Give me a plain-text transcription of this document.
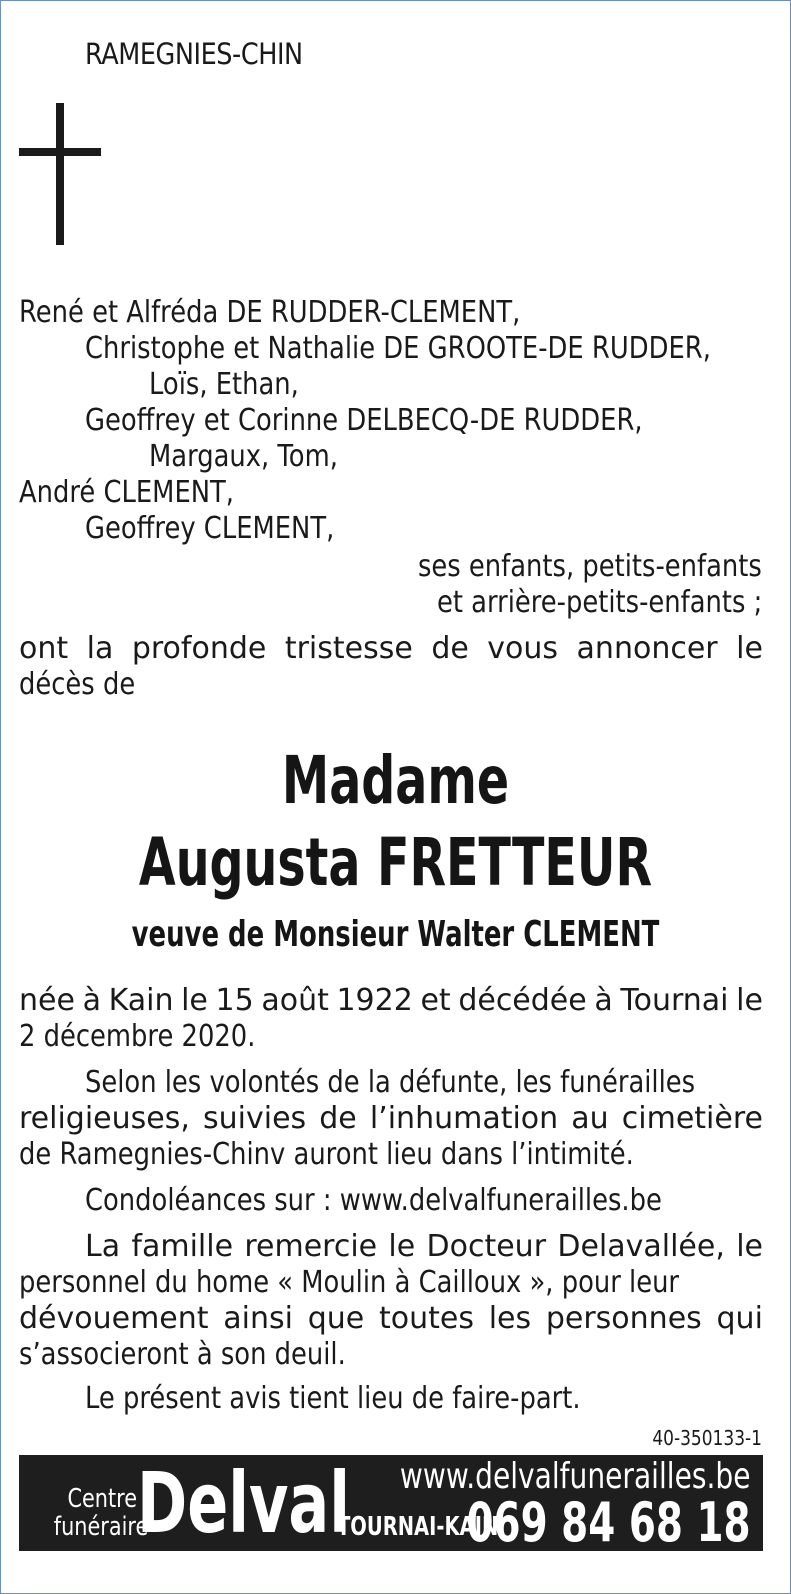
RAMEGNIES-CHIN
René et Alfréda DE RUDDER-CLEMENT,
Christophe et Nathalie DE GROOTE-DE RUDDER,
Loïs, Ethan,
Geoffrey et Corinne DELBECQ-DE RUDDER,
Margaux, Tom,
André CLEMENT,
Geoffrey CLEMENT,
ses enfants, petits-enfants
et arrière-petits-enfants ;
ont la profonde tristesse de vous annoncer le
décès de
Madame
Augusta FRETTEUR
veuve de Monsieur Walter CLEMENT
née à Kain le 15 août 1922 et décédée à Tournai le
2 décembre 2020.
Selon les volontés de la défunte, les funérailles
religieuses, suivies de l’inhumation au cimetière
de Ramegnies-Chinv auront lieu dans l’intimité.
Condoléances sur : www.delvalfunerailles.be
La famille remercie le Docteur Delavallée, le
personnel du home « Moulin à Cailloux », pour leur
dévouement ainsi que toutes les personnes qui
s’associeront à son deuil.
Le présent avis tient lieu de faire-part.
40-350133-1
Centre
funéraire
Delval www.delvalfunerailles.be
TOURNAI-KAIN
069 84 68 18
